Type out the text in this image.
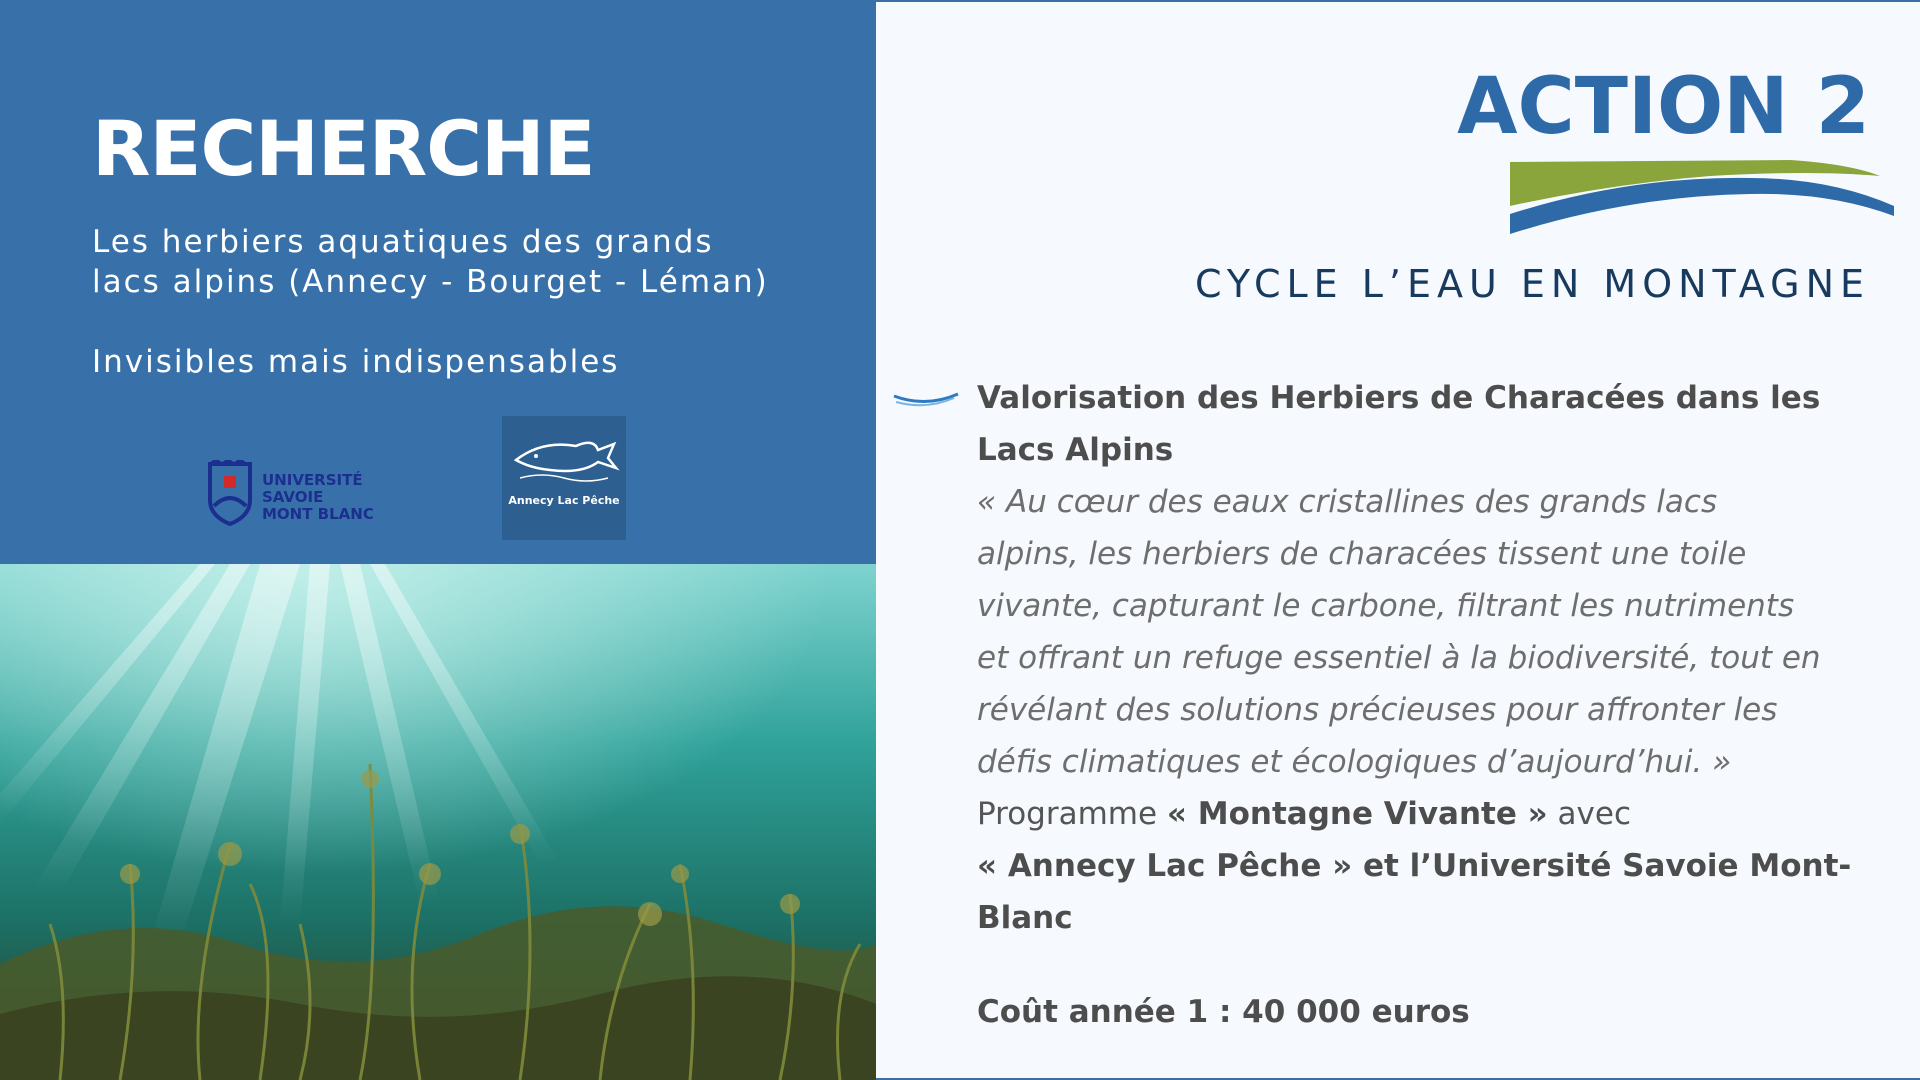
RECHERCHE
Les herbiers aquatiques des grands
lacs alpins (Annecy - Bourget - Léman)

Invisibles mais indispensables

UNIVERSITÉ
SAVOIE
MONT BLANC
Annecy Lac Pêche
ACTION 2

CYCLE L’EAU EN MONTAGNE

Valorisation des Herbiers de Characées dans les

Lacs Alpins

« Au cœur des eaux cristallines des grands lacs

alpins, les herbiers de characées tissent une toile

vivante, capturant le carbone, filtrant les nutriments

et offrant un refuge essentiel à la biodiversité, tout en

révélant des solutions précieuses pour affronter les

défis climatiques et écologiques d’aujourd’hui. »

Programme « Montagne Vivante » avec

« Annecy Lac Pêche » et l’Université Savoie Mont-

Blanc

Coût année 1 : 40 000 euros
